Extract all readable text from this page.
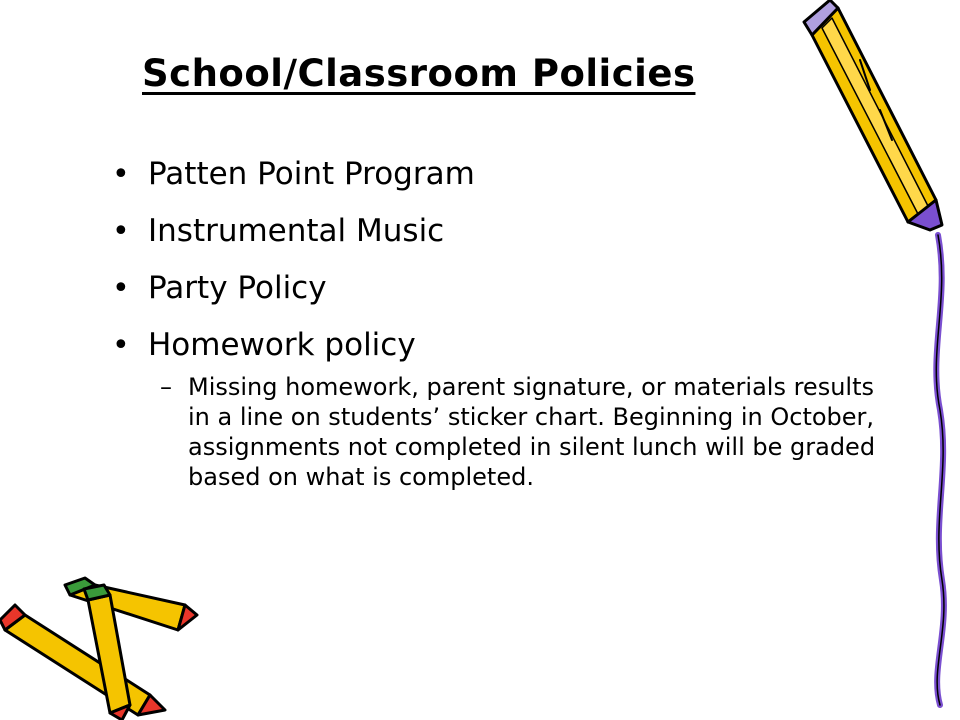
School/Classroom Policies
• Patten Point Program
• Instrumental Music
• Party Policy
• Homework policy
– Missing homework, parent signature, or materials results in a line on students’ sticker chart. Beginning in October, assignments not completed in silent lunch will be graded based on what is completed.
